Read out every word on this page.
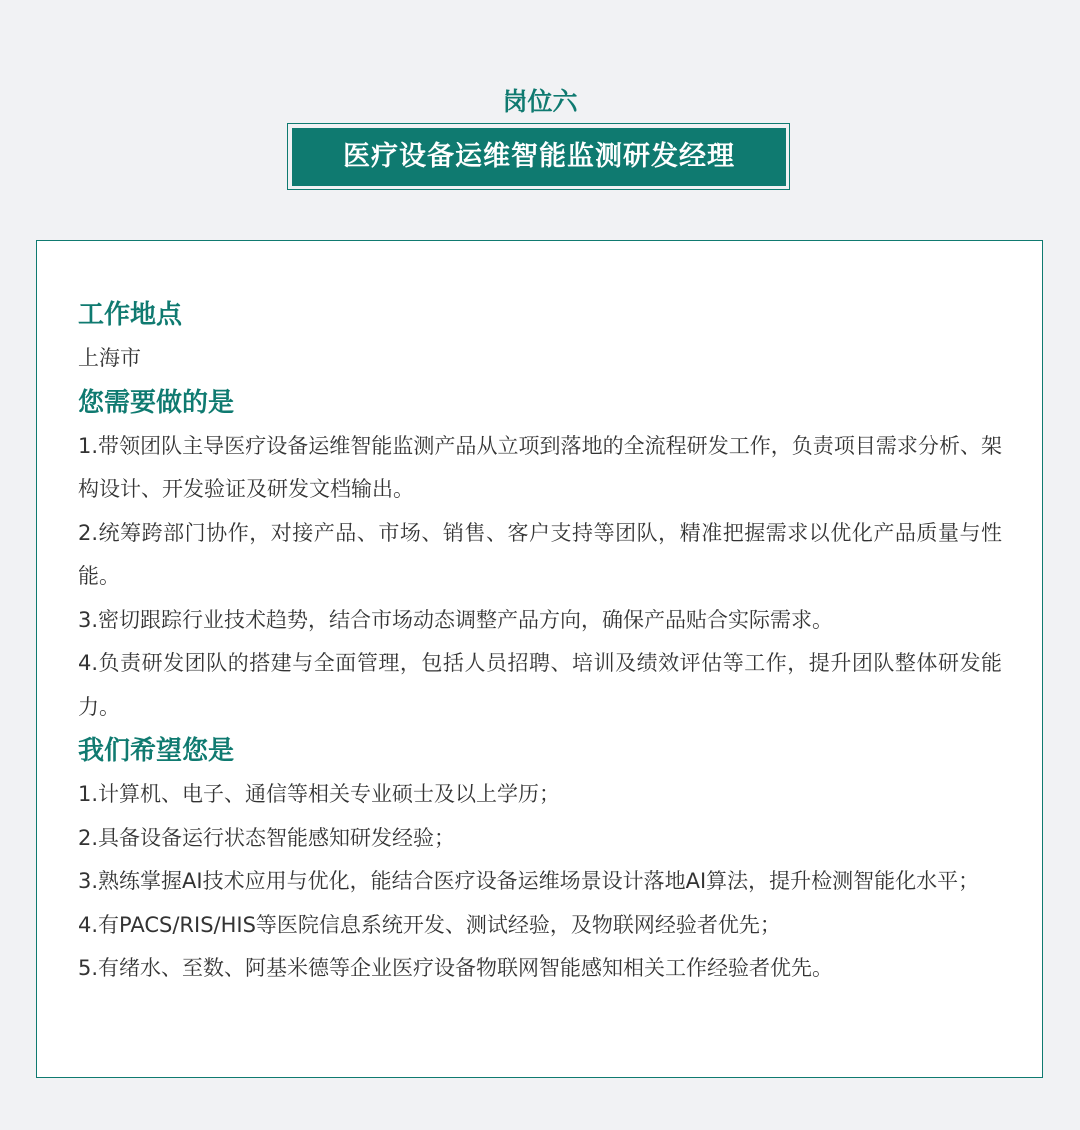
岗位六
医疗设备运维智能监测研发经理
工作地点

上海市

您需要做的是
1.带领团队主导医疗设备运维智能监测产品从立项到落地的全流程研发工作，负责项目需求分析、架构设计、开发验证及研发文档输出。
2.统筹跨部门协作，对接产品、市场、销售、客户支持等团队，精准把握需求以优化产品质量与性能。
3.密切跟踪行业技术趋势，结合市场动态调整产品方向，确保产品贴合实际需求。
4.负责研发团队的搭建与全面管理，包括人员招聘、培训及绩效评估等工作，提升团队整体研发能力。
我们希望您是
1.计算机、电子、通信等相关专业硕士及以上学历；
2.具备设备运行状态智能感知研发经验；
3.熟练掌握AI技术应用与优化，能结合医疗设备运维场景设计落地AI算法，提升检测智能化水平；
4.有PACS/RIS/HIS等医院信息系统开发、测试经验，及物联网经验者优先；
5.有绪水、至数、阿基米德等企业医疗设备物联网智能感知相关工作经验者优先。
